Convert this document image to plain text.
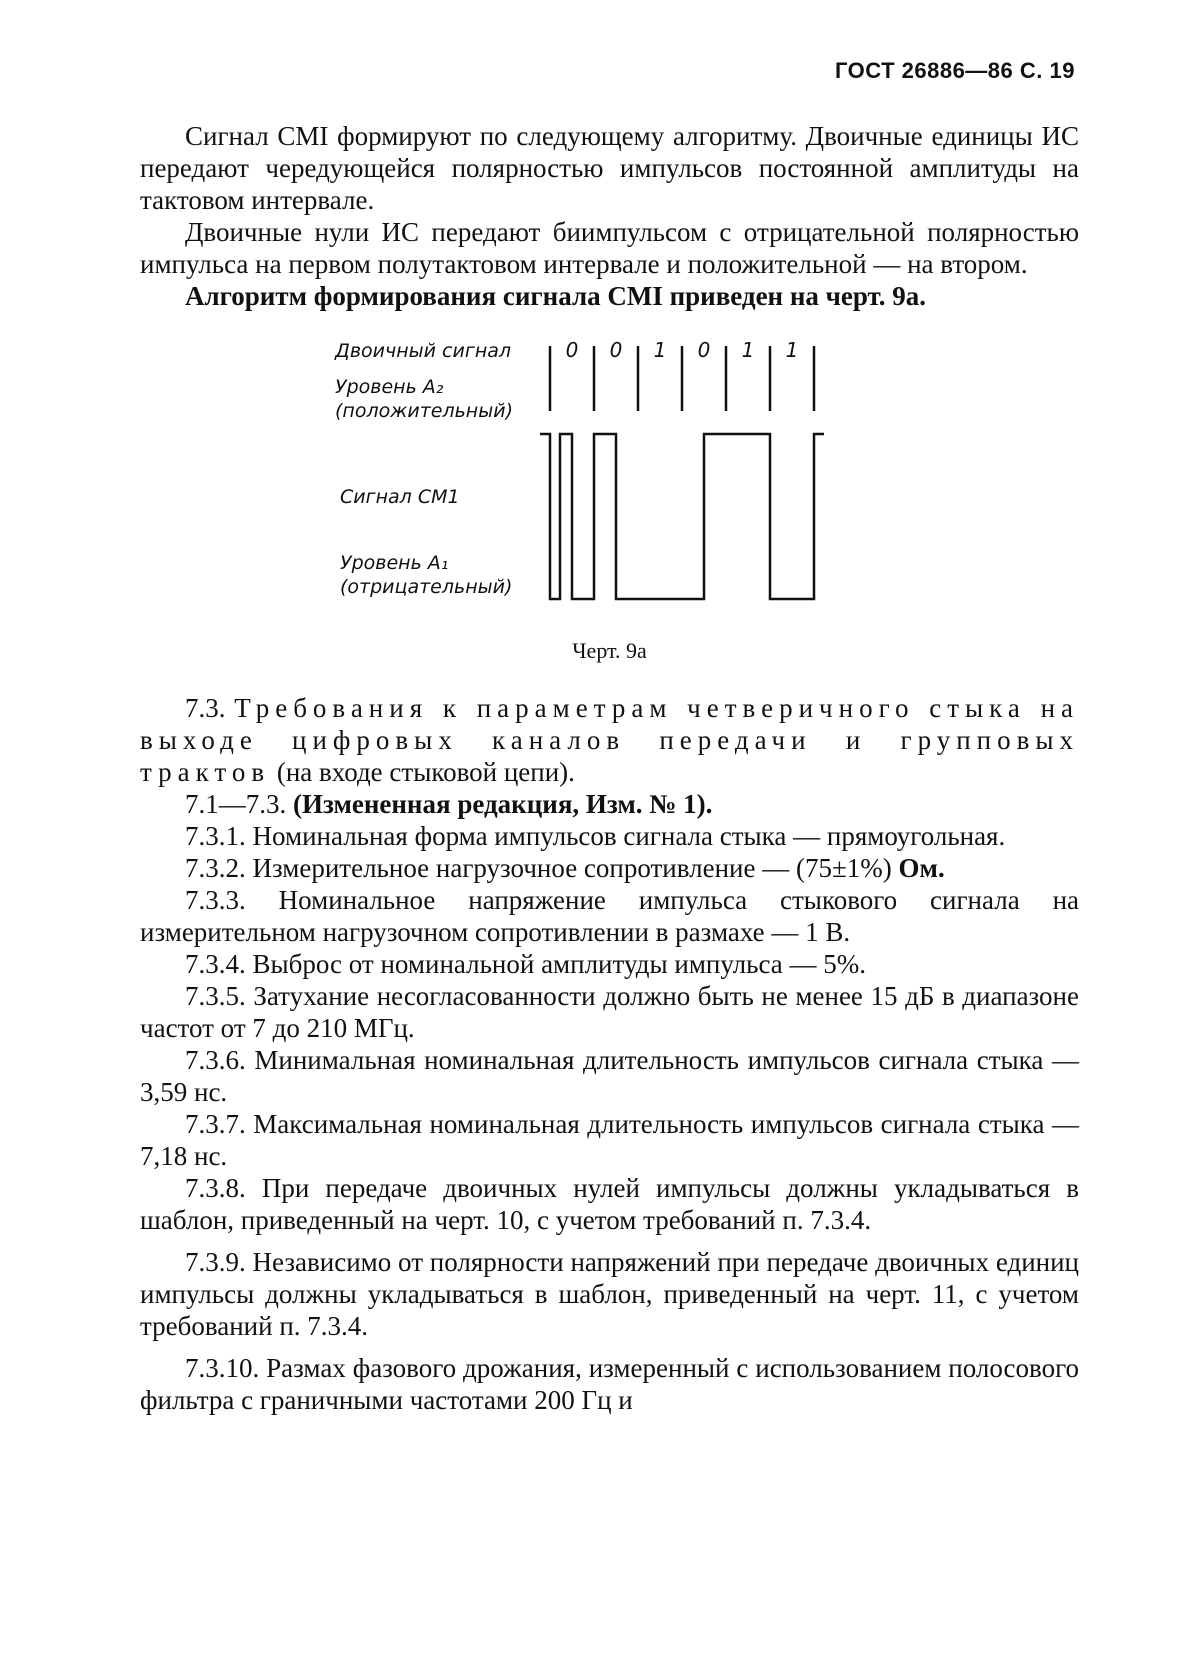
ГОСТ 26886—86 С. 19

Сигнал CMI формируют по следующему алгоритму. Двоичные единицы ИС передают чередующейся полярностью импульсов постоянной амплитуды на тактовом интервале.

Двоичные нули ИС передают биимпульсом с отрицательной полярностью импульса на первом полутактовом интервале и положительной — на втором.

Алгоритм формирования сигнала CMI приведен на черт. 9а.

0	0	1	0	1	1
Двоичный сигнал
Уровень A₂
(положительный)
Сигнал СМ1
Уровень A₁
(отрицательный)
Черт. 9а

7.3. Требования к параметрам четверичного стыка на выходе цифровых каналов передачи и групповых трактов (на входе стыковой цепи).

7.1—7.3. (Измененная редакция, Изм. № 1).

7.3.1. Номинальная форма импульсов сигнала стыка — прямоугольная.

7.3.2. Измерительное нагрузочное сопротивление — (75±1%) Ом.

7.3.3. Номинальное напряжение импульса стыкового сигнала на измерительном нагрузочном сопротивлении в размахе — 1 В.

7.3.4. Выброс от номинальной амплитуды импульса — 5%.

7.3.5. Затухание несогласованности должно быть не менее 15 дБ в диапазоне частот от 7 до 210 МГц.

7.3.6. Минимальная номинальная длительность импульсов сигнала стыка — 3,59 нс.

7.3.7. Максимальная номинальная длительность импульсов сигнала стыка — 7,18 нс.

7.3.8. При передаче двоичных нулей импульсы должны укладываться в шаблон, приведенный на черт. 10, с учетом требований п. 7.3.4.

7.3.9. Независимо от полярности напряжений при передаче двоичных единиц импульсы должны укладываться в шаблон, приведенный на черт. 11, с учетом требований п. 7.3.4.

7.3.10. Размах фазового дрожания, измеренный с использованием полосового фильтра с граничными частотами 200 Гц и
